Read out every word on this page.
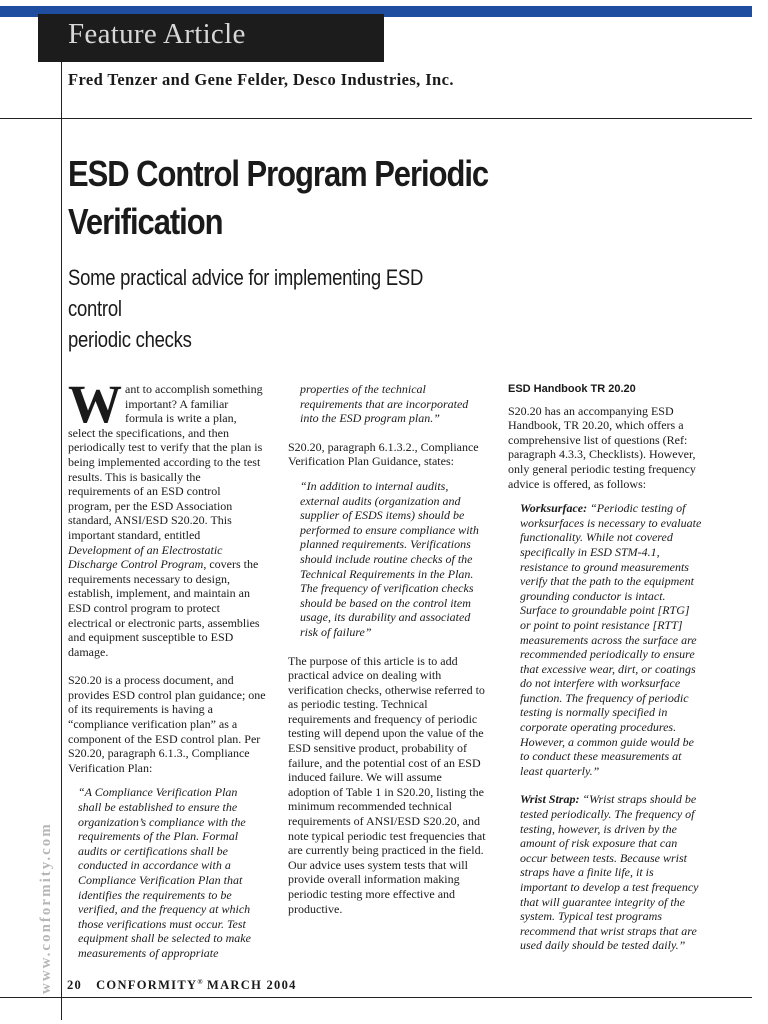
Feature Article
Fred Tenzer and Gene Felder, Desco Industries, Inc.
ESD Control Program Periodic
Verification
Some practical advice for implementing ESD control
periodic checks

Want to accomplish something important? A familiar formula is write a plan, select the specifications, and then periodically test to verify that the plan is being implemented according to the test results. This is basically the requirements of an ESD control program, per the ESD Association standard, ANSI/ESD S20.20. This important standard, entitled Development of an Electrostatic Discharge Control Program, covers the requirements necessary to design, establish, implement, and maintain an ESD control program to protect electrical or electronic parts, assemblies and equipment susceptible to ESD damage.

S20.20 is a process document, and provides ESD control plan guidance; one of its requirements is having a “compliance verification plan” as a component of the ESD control plan. Per S20.20, paragraph 6.1.3., Compliance Verification Plan:

“A Compliance Verification Plan shall be established to ensure the organization’s compliance with the requirements of the Plan. Formal audits or certifications shall be conducted in accordance with a Compliance Verification Plan that identifies the requirements to be verified, and the frequency at which those verifications must occur. Test equipment shall be selected to make measurements of appropriate

properties of the technical requirements that are incorporated into the ESD program plan.”

S20.20, paragraph 6.1.3.2., Compliance Verification Plan Guidance, states:

“In addition to internal audits, external audits (organization and supplier of ESDS items) should be performed to ensure compliance with planned requirements. Verifications should include routine checks of the Technical Requirements in the Plan. The frequency of verification checks should be based on the control item usage, its durability and associated risk of failure”

The purpose of this article is to add practical advice on dealing with verification checks, otherwise referred to as periodic testing. Technical requirements and frequency of periodic testing will depend upon the value of the ESD sensitive product, probability of failure, and the potential cost of an ESD induced failure. We will assume adoption of Table 1 in S20.20, listing the minimum recommended technical requirements of ANSI/ESD S20.20, and note typical periodic test frequencies that are currently being practiced in the field. Our advice uses system tests that will provide overall information making periodic testing more effective and productive.

ESD Handbook TR 20.20

S20.20 has an accompanying ESD Handbook, TR 20.20, which offers a comprehensive list of questions (Ref: paragraph 4.3.3, Checklists). However, only general periodic testing frequency advice is offered, as follows:

Worksurface: “Periodic testing of worksurfaces is necessary to evaluate functionality. While not covered specifically in ESD STM-4.1, resistance to ground measurements verify that the path to the equipment grounding conductor is intact. Surface to groundable point [RTG] or point to point resistance [RTT] measurements across the surface are recommended periodically to ensure that excessive wear, dirt, or coatings do not interfere with worksurface function. The frequency of periodic testing is normally specified in corporate operating procedures. However, a common guide would be to conduct these measurements at least quarterly.”

Wrist Strap: “Wrist straps should be tested periodically. The frequency of testing, however, is driven by the amount of risk exposure that can occur between tests. Because wrist straps have a finite life, it is important to develop a test frequency that will guarantee integrity of the system. Typical test programs recommend that wrist straps that are used daily should be tested daily.”

www.conformity.com 20 CONFORMITY® MARCH 2004
